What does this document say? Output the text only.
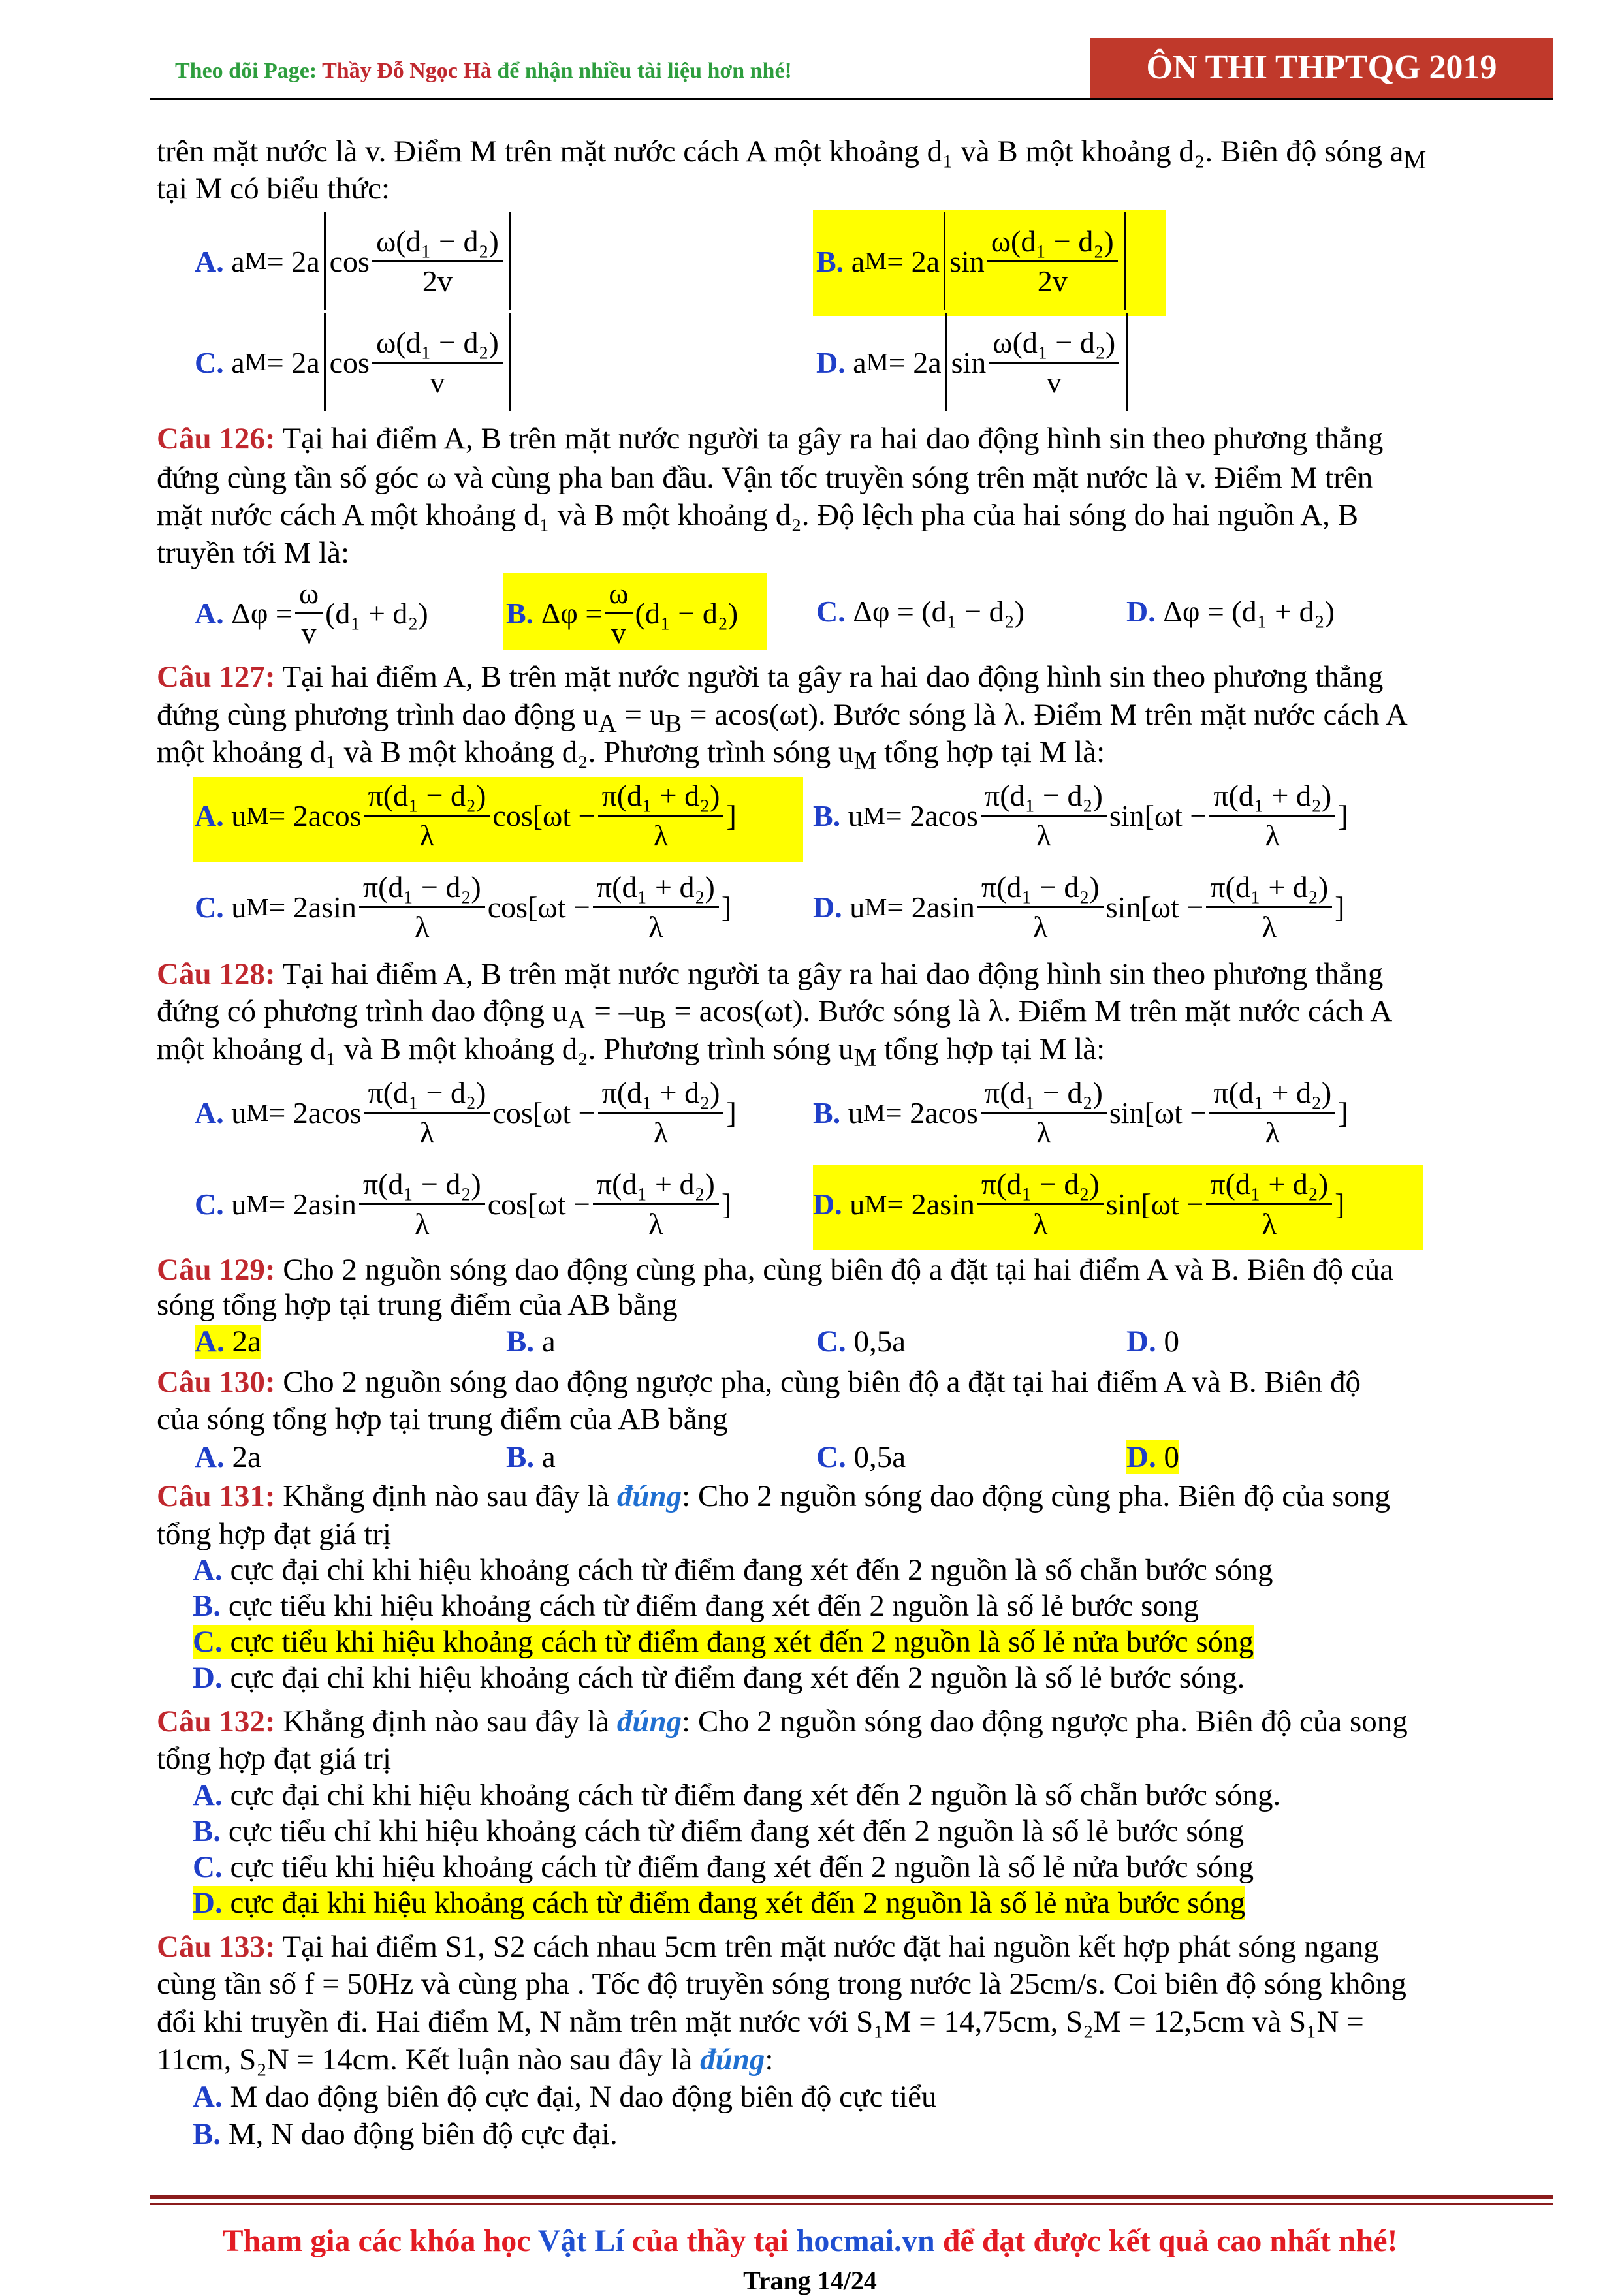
Theo dõi Page: Thầy Đỗ Ngọc Hà để nhận nhiều tài liệu hơn nhé!	ÔN THI THPTQG 2019
trên mặt nước là v. Điểm M trên mặt nước cách A một khoảng d₁ và B một khoảng d₂. Biên độ sóng $a_M$
tại M có biểu thức:
A.
a M = 2a $\cos \frac{\text{ω(d₁ − d₂)}}{2v}$	B.
a M = 2a $\sin \frac{\text{ω(d₁ − d₂)}}{2v}$
C.
a M = 2a $\cos \frac{\text{ω(d₁ − d₂)}}{v}$	D.
a M = 2a $\sin \frac{\text{ω(d₁ − d₂)}}{v}$
Câu 126: Tại hai điểm A, B trên mặt nước người ta gây ra hai dao động hình sin theo phương thẳng
đứng cùng tần số góc ω và cùng pha ban đầu. Vận tốc truyền sóng trên mặt nước là v. Điểm M trên
mặt nước cách A một khoảng d₁ và B một khoảng d₂. Độ lệch pha của hai sóng do hai nguồn A, B
truyền tới M là:
A.
$\Delta\varphi = \frac{\omega}{v} (d_1 + d_2)$	B.
$\Delta\varphi = \frac{\omega}{v} (d_1 - d_2)$	C.
Δφ = (d₁ − d₂)	D.
Δφ = (d₁ + d₂)
Câu 127: Tại hai điểm A, B trên mặt nước người ta gây ra hai dao động hình sin theo phương thẳng
đứng cùng phương trình dao động $u_A = u_B = acos(\omega t)$. Bước sóng là λ. Điểm M trên mặt nước cách A
một khoảng d₁ và B một khoảng d₂. Phương trình sóng $u_M$ tổng hợp tại M là:
A.
u M = 2a $\cos \frac{\text{π(d₁ − d₂)}}{\lambda}$ $\cos [\omega t - \frac{\text{π(d₁ + d₂)}}{\lambda}$ ]	B.
u M = 2a $\cos \frac{\text{π(d₁ − d₂)}}{\lambda}$ $\sin [\omega t - \frac{\text{π(d₁ + d₂)}}{\lambda}$ ]
C.
u M = 2a $\sin \frac{\text{π(d₁ − d₂)}}{\lambda}$ $\cos [\omega t - \frac{\text{π(d₁ + d₂)}}{\lambda}$ ]	D.
u M = 2a $\sin \frac{\text{π(d₁ − d₂)}}{\lambda}$ $\sin [\omega t - \frac{\text{π(d₁ + d₂)}}{\lambda}$ ]
Câu 128: Tại hai điểm A, B trên mặt nước người ta gây ra hai dao động hình sin theo phương thẳng
đứng có phương trình dao động $u_A = -u_B = acos(\omega t)$. Bước sóng là λ. Điểm M trên mặt nước cách A
một khoảng d₁ và B một khoảng d₂. Phương trình sóng $u_M$ tổng hợp tại M là:
A.
u M = 2a $\cos \frac{\text{π(d₁ − d₂)}}{\lambda}$ $\cos [\omega t - \frac{\text{π(d₁ + d₂)}}{\lambda}$ ]	B.
u M = 2a $\cos \frac{\text{π(d₁ − d₂)}}{\lambda}$ $\sin [\omega t - \frac{\text{π(d₁ + d₂)}}{\lambda}$ ]
C.
u M = 2a $\sin \frac{\text{π(d₁ − d₂)}}{\lambda}$ $\cos [\omega t - \frac{\text{π(d₁ + d₂)}}{\lambda}$ ]	D.
u M = 2a $\sin \frac{\text{π(d₁ − d₂)}}{\lambda}$ $\sin [\omega t - \frac{\text{π(d₁ + d₂)}}{\lambda}$ ]
Câu 129: Cho 2 nguồn sóng dao động cùng pha, cùng biên độ a đặt tại hai điểm A và B. Biên độ của
sóng tổng hợp tại trung điểm của AB bằng
A. 2a	B. a	C. 0,5a	D. 0
Câu 130: Cho 2 nguồn sóng dao động ngược pha, cùng biên độ a đặt tại hai điểm A và B. Biên độ
của sóng tổng hợp tại trung điểm của AB bằng
A. 2a	B. a	C. 0,5a	D. 0
Câu 131: Khẳng định nào sau đây là đúng: Cho 2 nguồn sóng dao động cùng pha. Biên độ của song
tổng hợp đạt giá trị
A. cực đại chỉ khi hiệu khoảng cách từ điểm đang xét đến 2 nguồn là số chẵn bước sóng
B. cực tiểu khi hiệu khoảng cách từ điểm đang xét đến 2 nguồn là số lẻ bước song
C. cực tiểu khi hiệu khoảng cách từ điểm đang xét đến 2 nguồn là số lẻ nửa bước sóng
D. cực đại chỉ khi hiệu khoảng cách từ điểm đang xét đến 2 nguồn là số lẻ bước sóng.
Câu 132: Khẳng định nào sau đây là đúng: Cho 2 nguồn sóng dao động ngược pha. Biên độ của song
tổng hợp đạt giá trị
A. cực đại chỉ khi hiệu khoảng cách từ điểm đang xét đến 2 nguồn là số chẵn bước sóng.
B. cực tiểu chỉ khi hiệu khoảng cách từ điểm đang xét đến 2 nguồn là số lẻ bước sóng
C. cực tiểu khi hiệu khoảng cách từ điểm đang xét đến 2 nguồn là số lẻ nửa bước sóng
D. cực đại khi hiệu khoảng cách từ điểm đang xét đến 2 nguồn là số lẻ nửa bước sóng
Câu 133: Tại hai điểm S1, S2 cách nhau 5cm trên mặt nước đặt hai nguồn kết hợp phát sóng ngang
cùng tần số f = 50Hz và cùng pha . Tốc độ truyền sóng trong nước là 25cm/s. Coi biên độ sóng không
đổi khi truyền đi. Hai điểm M, N nằm trên mặt nước với S₁M = 14,75cm, S₂M = 12,5cm và S₁N =
11cm, S₂N = 14cm. Kết luận nào sau đây là đúng:
A. M dao động biên độ cực đại, N dao động biên độ cực tiểu
B. M, N dao động biên độ cực đại.
Tham gia các khóa học Vật Lí của thầy tại hocmai.vn để đạt được kết quả cao nhất nhé!
Trang 14/24
